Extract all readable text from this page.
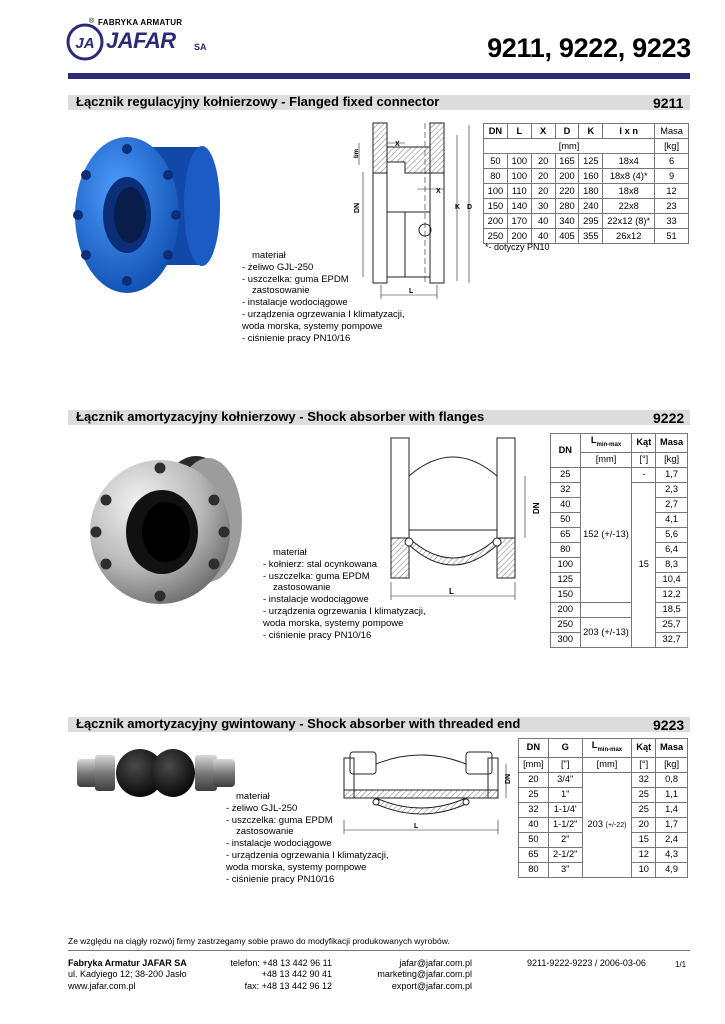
JA
® FABRYKA ARMATUR
JAFAR SA	9211, 9222, 9223
Łącznik regulacyjny kołnierzowy - Flanged fixed connector	9211
materiał
- żeliwo GJL-250
- uszczelka: guma EPDM
zastosowanie
- instalacje wodociągowe
- urządzenia ogrzewania I klimatyzacji,
woda morska, systemy pompowe
- ciśnienie pracy PN10/16
L
X
X
DN
bm
K D
DN	L	X	D	K	l x n	Masa
[mm]						[kg]
50	100	20	165	125	18x4	6
80	100	20	200	160	18x8 (4)*	9
100	110	20	220	180	18x8	12
150	140	30	280	240	22x8	23
200	170	40	340	295	22x12 (8)*	33
250	200	40	405	355	26x12	51
*- dotyczy PN10
Łącznik amortyzacyjny kołnierzowy - Shock absorber with flanges	9222
materiał
- kołnierz: stal ocynkowana
- uszczelka: guma EPDM
zastosowanie
- instalacje wodociągowe
- urządzenia ogrzewania I klimatyzacji,
woda morska, systemy pompowe
- ciśnienie pracy PN10/16
DN
L
DN	$L_{min-max}$	Kąt	Masa
	[mm]	[°]	[kg]
25	152 (+/-13)	-	1,7
32		15	2,3
40			2,7
50			4,1
65			5,6
80			6,4
100			8,3
125			10,4
150			12,2
200			18,5
250	203 (+/-13)		25,7
300			32,7
Łącznik amortyzacyjny gwintowany - Shock absorber with threaded end	9223
materiał
- żeliwo GJL-250
- uszczelka: guma EPDM
zastosowanie
- instalacje wodociągowe
- urządzenia ogrzewania I klimatyzacji,
woda morska, systemy pompowe
- ciśnienie pracy PN10/16
DN
L
DN	G	$L_{min-max}$	Kąt	Masa
[mm]	["]	[mm]	[°]	[kg]
20	3/4"	203 (+/-22)	32	0,8
25	1"		25	1,1
32	1-1/4'		25	1,4
40	1-1/2"		20	1,7
50	2"		15	2,4
65	2-1/2"		12	4,3
80	3"		10	4,9
Ze względu na ciągły rozwój firmy zastrzegamy sobie prawo do modyfikacji produkowanych wyrobów.
Fabryka Armatur JAFAR SA
ul. Kadyiego 12; 38-200 Jasło
www.jafar.com.pl
telefon: +48 13 442 96 11
+48 13 442 90 41
fax: +48 13 442 96 12
jafar@jafar.com.pl
marketing@jafar.com.pl
export@jafar.com.pl
9211-9222-9223 / 2006-03-06	1/1
